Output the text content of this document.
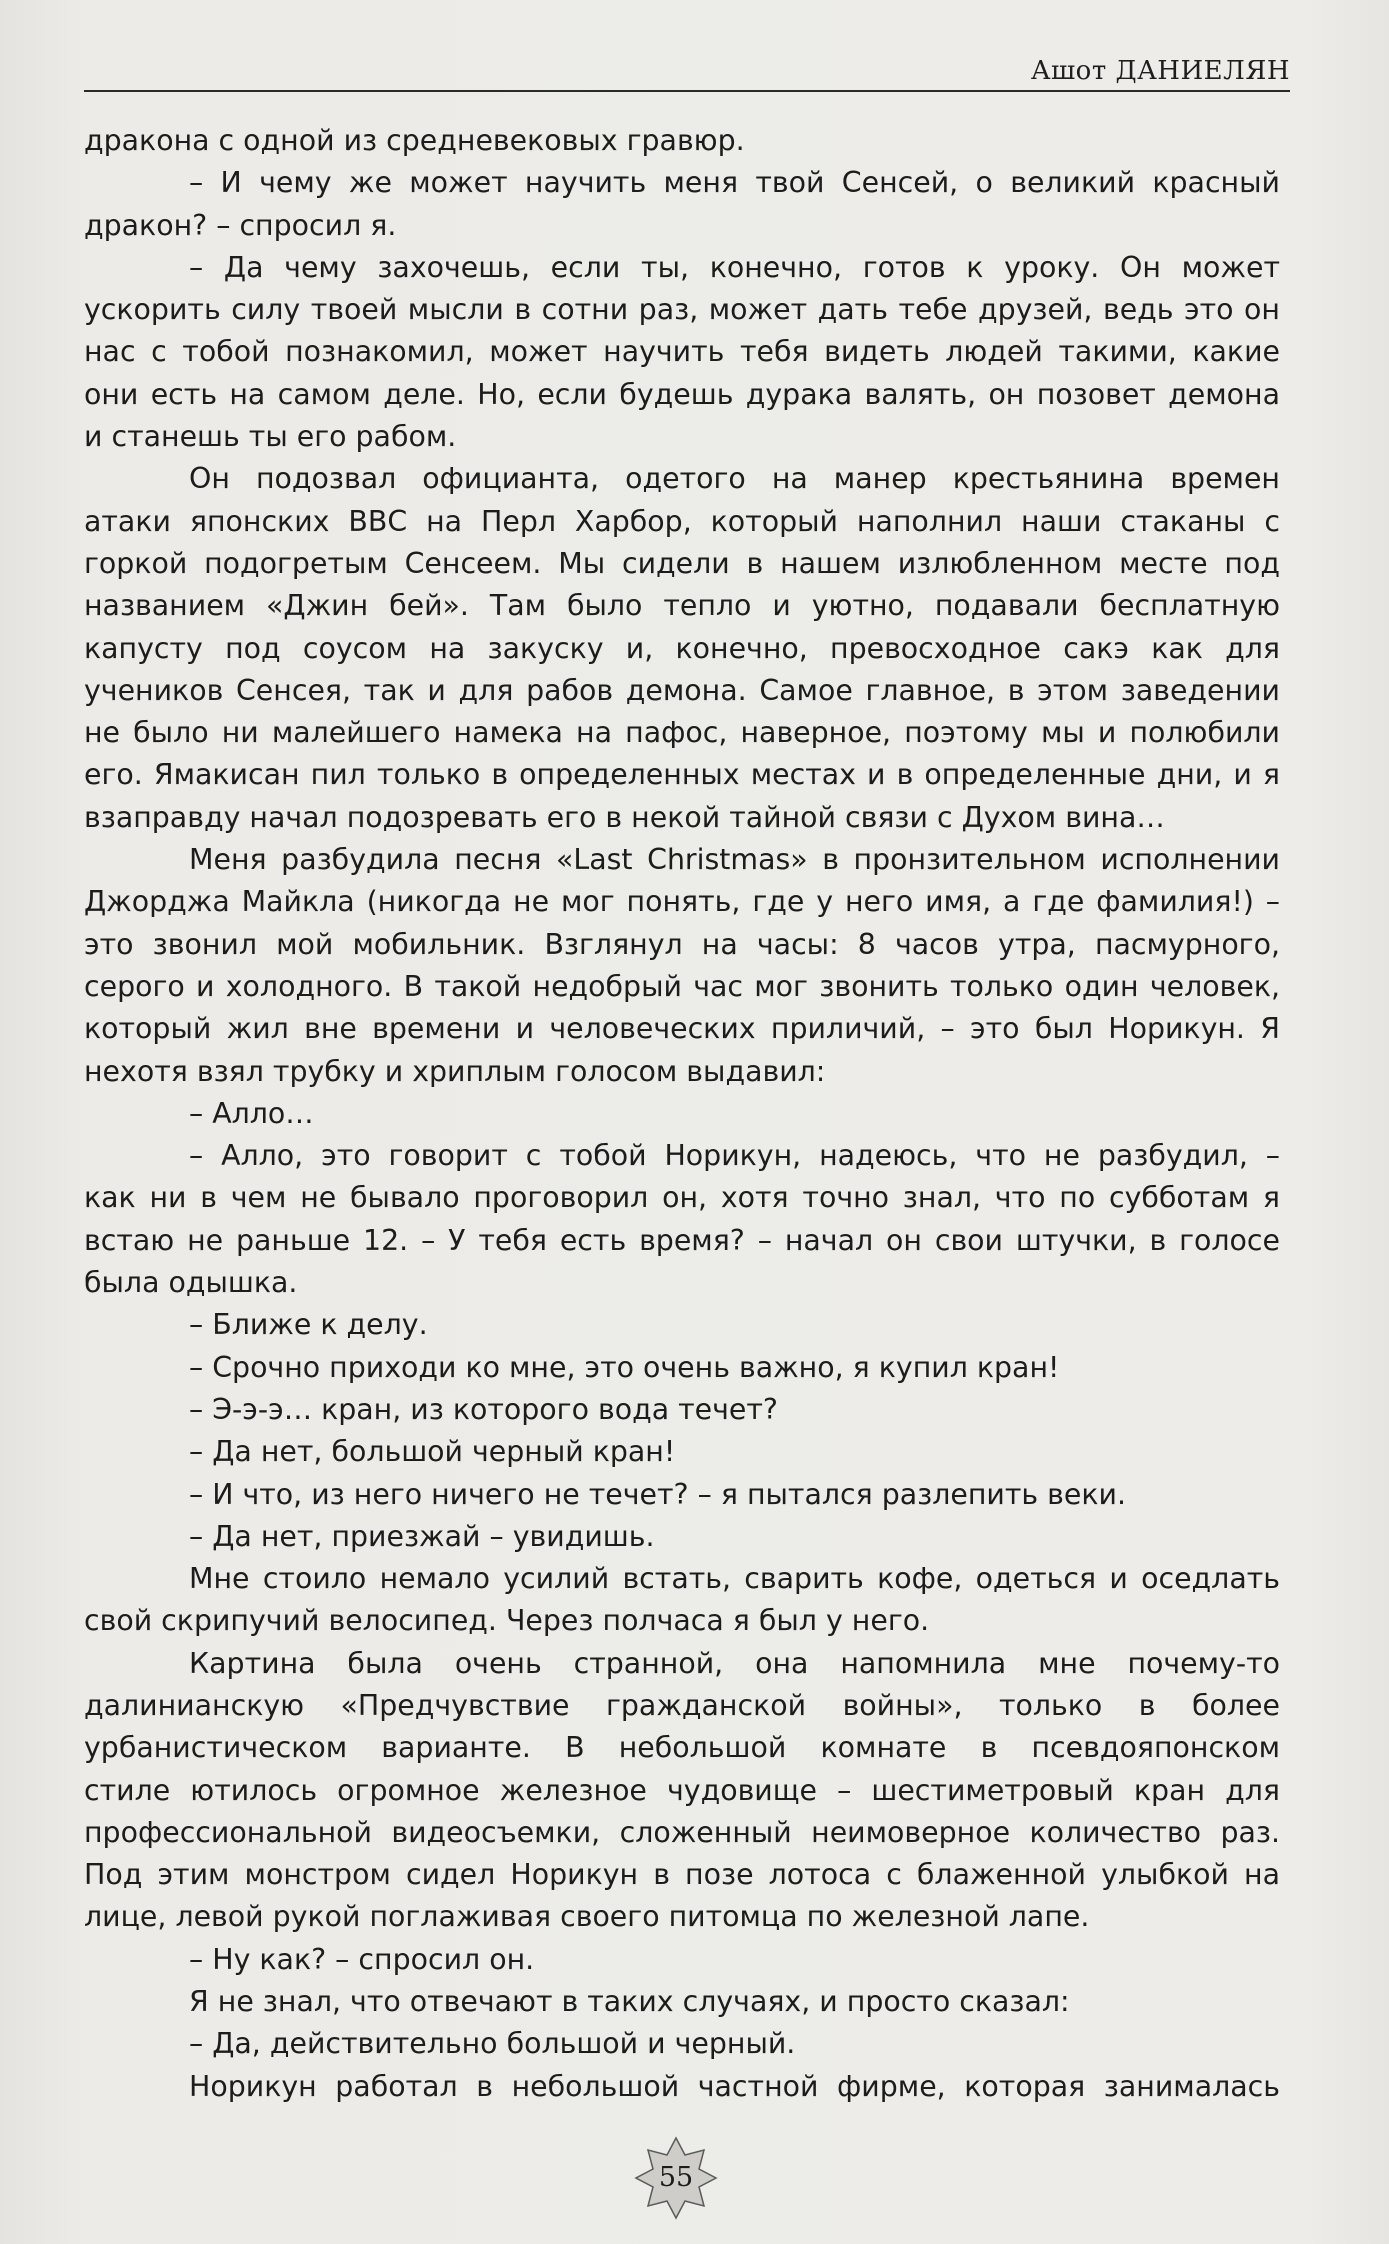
Ашот ДАНИЕЛЯН
дракона с одной из средневековых гравюр.
– И чему же может научить меня твой Сенсей, о великий красный
дракон? – спросил я.
– Да чему захочешь, если ты, конечно, готов к уроку. Он может
ускорить силу твоей мысли в сотни раз, может дать тебе друзей, ведь это он
нас с тобой познакомил, может научить тебя видеть людей такими, какие
они есть на самом деле. Но, если будешь дурака валять, он позовет демона
и станешь ты его рабом.
Он подозвал официанта, одетого на манер крестьянина времен
атаки японских ВВС на Перл Харбор, который наполнил наши стаканы с
горкой подогретым Сенсеем. Мы сидели в нашем излюбленном месте под
названием «Джин бей». Там было тепло и уютно, подавали бесплатную
капусту под соусом на закуску и, конечно, превосходное сакэ как для
учеников Сенсея, так и для рабов демона. Самое главное, в этом заведении
не было ни малейшего намека на пафос, наверное, поэтому мы и полюбили
его. Ямакисан пил только в определенных местах и в определенные дни, и я
взаправду начал подозревать его в некой тайной связи с Духом вина…
Меня разбудила песня «Last Christmas» в пронзительном исполнении
Джорджа Майкла (никогда не мог понять, где у него имя, а где фамилия!) –
это звонил мой мобильник. Взглянул на часы: 8 часов утра, пасмурного,
серого и холодного. В такой недобрый час мог звонить только один человек,
который жил вне времени и человеческих приличий, – это был Норикун. Я
нехотя взял трубку и хриплым голосом выдавил:
– Алло…
– Алло, это говорит с тобой Норикун, надеюсь, что не разбудил, –
как ни в чем не бывало проговорил он, хотя точно знал, что по субботам я
встаю не раньше 12. – У тебя есть время? – начал он свои штучки, в голосе
была одышка.
– Ближе к делу.
– Срочно приходи ко мне, это очень важно, я купил кран!
– Э-э-э… кран, из которого вода течет?
– Да нет, большой черный кран!
– И что, из него ничего не течет? – я пытался разлепить веки.
– Да нет, приезжай – увидишь.
Мне стоило немало усилий встать, сварить кофе, одеться и оседлать
свой скрипучий велосипед. Через полчаса я был у него.
Картина была очень странной, она напомнила мне почему-то
далинианскую «Предчувствие гражданской войны», только в более
урбанистическом варианте. В небольшой комнате в псевдояпонском
стиле ютилось огромное железное чудовище – шестиметровый кран для
профессиональной видеосъемки, сложенный неимоверное количество раз.
Под этим монстром сидел Норикун в позе лотоса с блаженной улыбкой на
лице, левой рукой поглаживая своего питомца по железной лапе.
– Ну как? – спросил он.
Я не знал, что отвечают в таких случаях, и просто сказал:
– Да, действительно большой и черный.
Норикун работал в небольшой частной фирме, которая занималась
55
